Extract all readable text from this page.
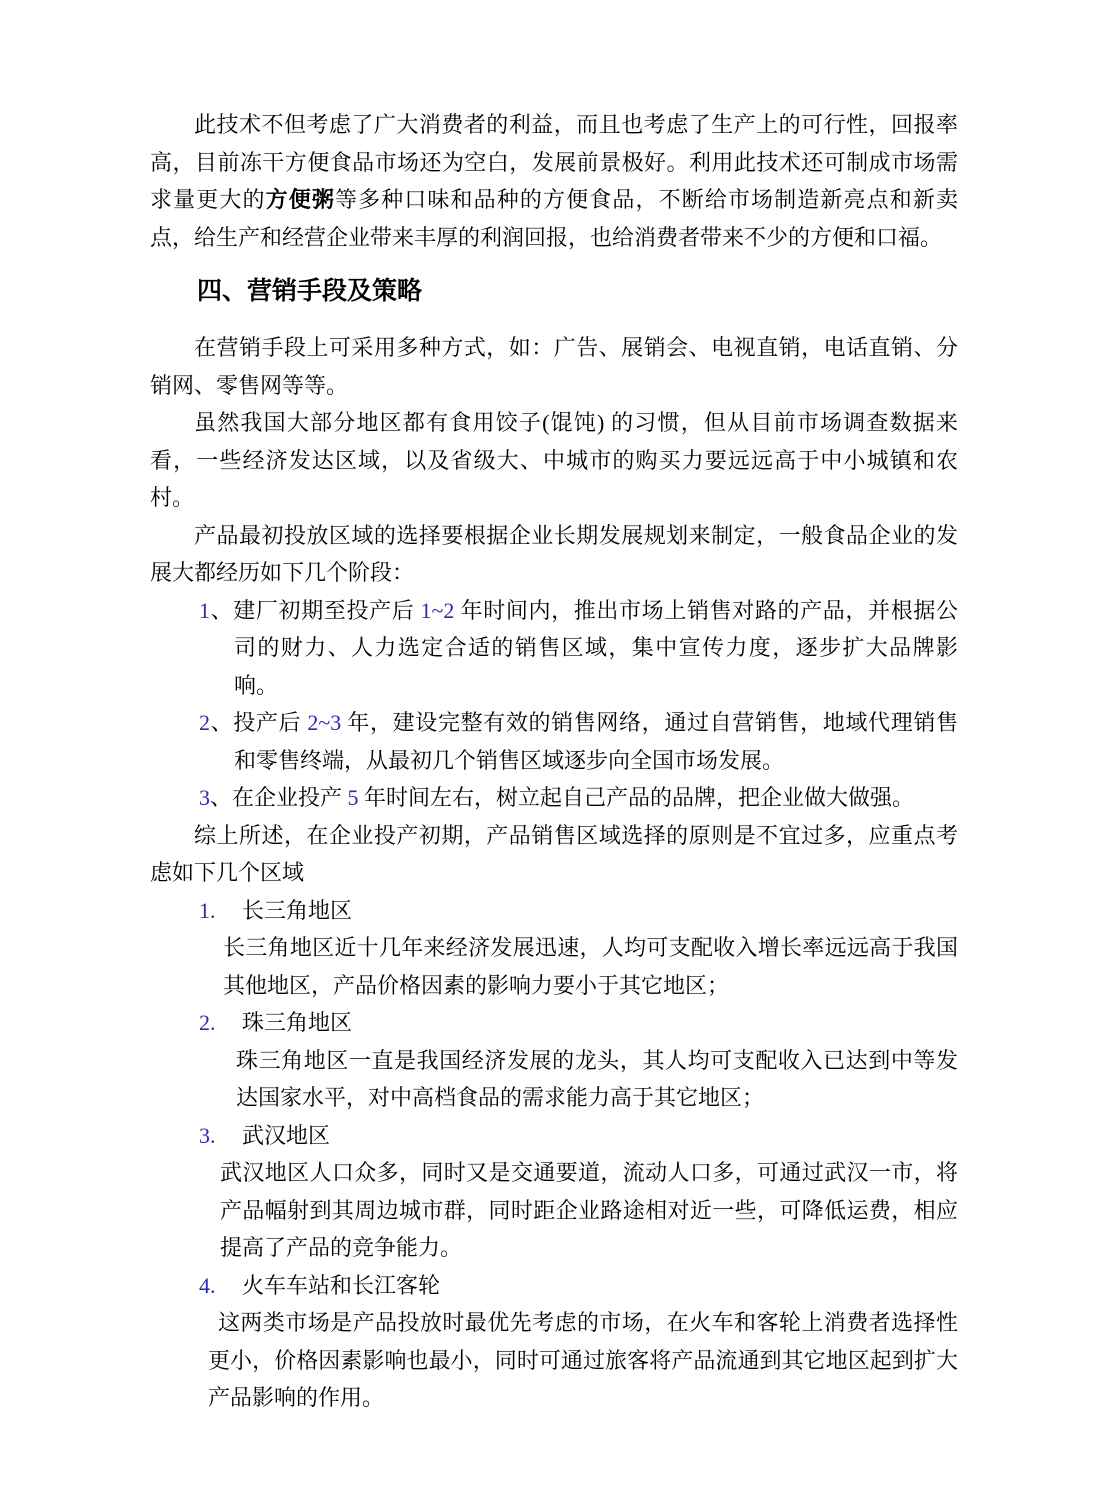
此技术不但考虑了广大消费者的利益，而且也考虑了生产上的可行性，回报率高，目前冻干方便食品市场还为空白，发展前景极好。利用此技术还可制成市场需求量更大的方便粥等多种口味和品种的方便食品，不断给市场制造新亮点和新卖点，给生产和经营企业带来丰厚的利润回报，也给消费者带来不少的方便和口福。

四、营销手段及策略

在营销手段上可采用多种方式，如：广告、展销会、电视直销，电话直销、分销网、零售网等等。

虽然我国大部分地区都有食用饺子(馄饨) 的习惯，但从目前市场调查数据来看，一些经济发达区域，以及省级大、中城市的购买力要远远高于中小城镇和农村。

产品最初投放区域的选择要根据企业长期发展规划来制定，一般食品企业的发展大都经历如下几个阶段：

1、建厂初期至投产后 1~2 年时间内，推出市场上销售对路的产品，并根据公司的财力、人力选定合适的销售区域，集中宣传力度，逐步扩大品牌影响。

2、投产后 2~3 年，建设完整有效的销售网络，通过自营销售，地域代理销售和零售终端，从最初几个销售区域逐步向全国市场发展。

3、在企业投产 5 年时间左右，树立起自己产品的品牌，把企业做大做强。

综上所述，在企业投产初期，产品销售区域选择的原则是不宜过多，应重点考虑如下几个区域

1. 长三角地区

长三角地区近十几年来经济发展迅速，人均可支配收入增长率远远高于我国其他地区，产品价格因素的影响力要小于其它地区；

2. 珠三角地区

珠三角地区一直是我国经济发展的龙头，其人均可支配收入已达到中等发达国家水平，对中高档食品的需求能力高于其它地区；

3. 武汉地区

武汉地区人口众多，同时又是交通要道，流动人口多，可通过武汉一市，将产品幅射到其周边城市群，同时距企业路途相对近一些，可降低运费，相应提高了产品的竞争能力。

4. 火车车站和长江客轮

这两类市场是产品投放时最优先考虑的市场，在火车和客轮上消费者选择性更小，价格因素影响也最小，同时可通过旅客将产品流通到其它地区起到扩大产品影响的作用。
